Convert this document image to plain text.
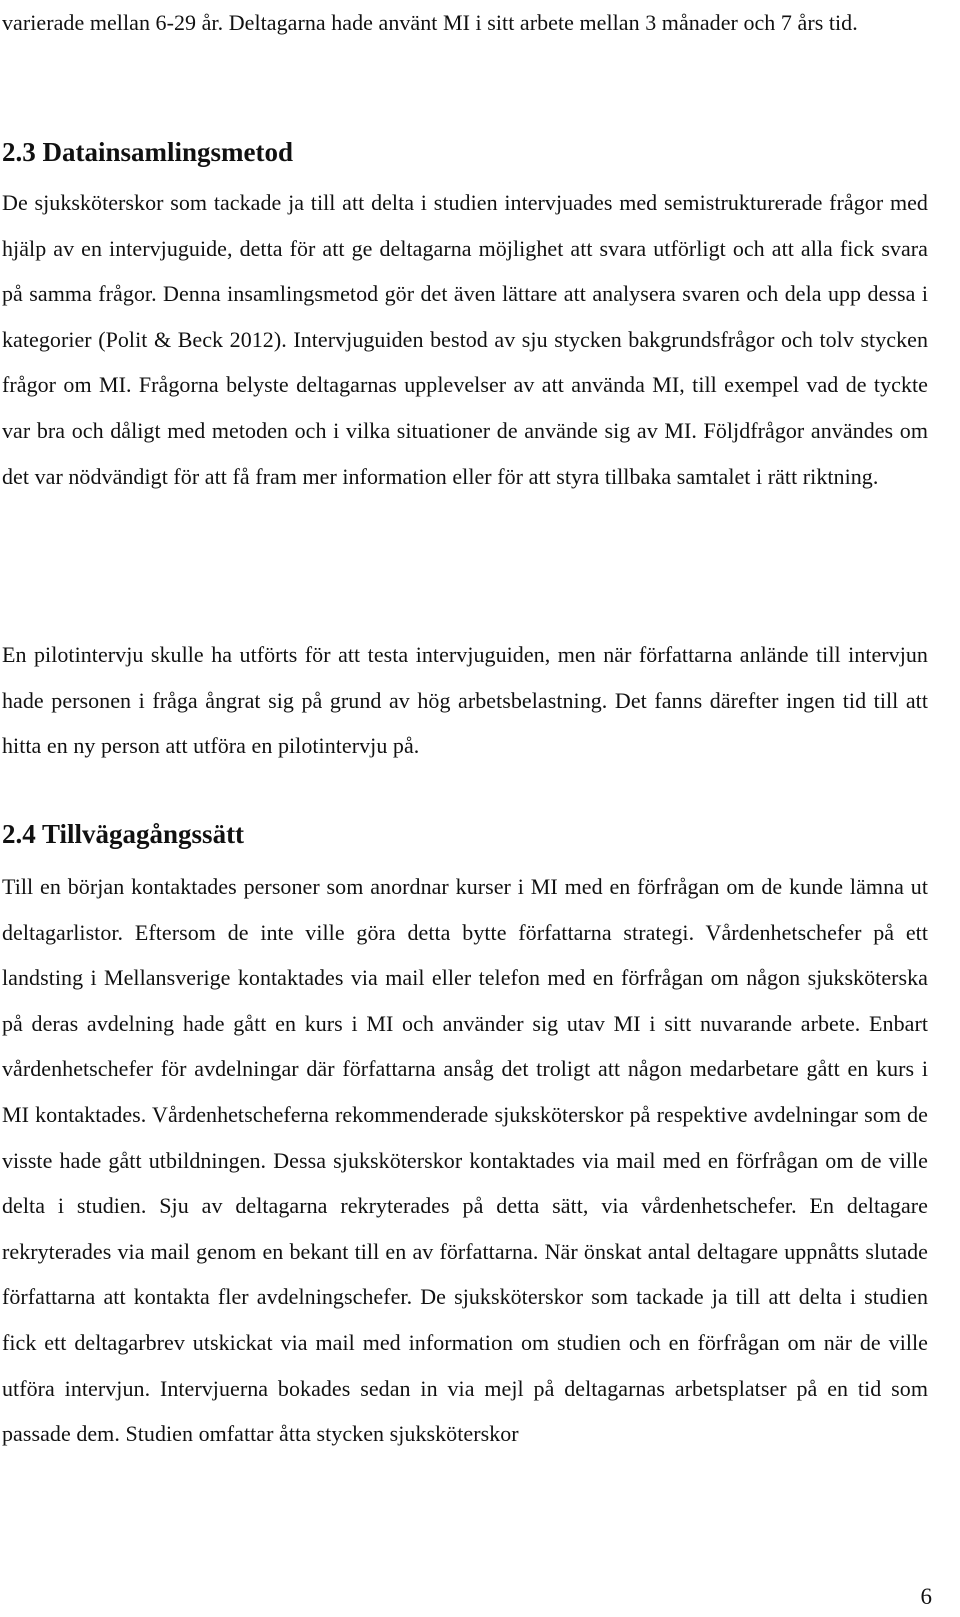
varierade mellan 6-29 år. Deltagarna hade använt MI i sitt arbete mellan 3 månader och 7 års tid.

2.3 Datainsamlingsmetod

De sjuksköterskor som tackade ja till att delta i studien intervjuades med semistrukturerade frågor med hjälp av en intervjuguide, detta för att ge deltagarna möjlighet att svara utförligt och att alla fick svara på samma frågor. Denna insamlingsmetod gör det även lättare att analysera svaren och dela upp dessa i kategorier (Polit & Beck 2012). Intervjuguiden bestod av sju stycken bakgrundsfrågor och tolv stycken frågor om MI. Frågorna belyste deltagarnas upplevelser av att använda MI, till exempel vad de tyckte var bra och dåligt med metoden och i vilka situationer de använde sig av MI. Följdfrågor användes om det var nödvändigt för att få fram mer information eller för att styra tillbaka samtalet i rätt riktning.

En pilotintervju skulle ha utförts för att testa intervjuguiden, men när författarna anlände till intervjun hade personen i fråga ångrat sig på grund av hög arbetsbelastning. Det fanns därefter ingen tid till att hitta en ny person att utföra en pilotintervju på.

2.4 Tillvägagångssätt

Till en början kontaktades personer som anordnar kurser i MI med en förfrågan om de kunde lämna ut deltagarlistor. Eftersom de inte ville göra detta bytte författarna strategi. Vårdenhetschefer på ett landsting i Mellansverige kontaktades via mail eller telefon med en förfrågan om någon sjuksköterska på deras avdelning hade gått en kurs i MI och använder sig utav MI i sitt nuvarande arbete. Enbart vårdenhetschefer för avdelningar där författarna ansåg det troligt att någon medarbetare gått en kurs i MI kontaktades. Vårdenhetscheferna rekommenderade sjuksköterskor på respektive avdelningar som de visste hade gått utbildningen. Dessa sjuksköterskor kontaktades via mail med en förfrågan om de ville delta i studien. Sju av deltagarna rekryterades på detta sätt, via vårdenhetschefer. En deltagare rekryterades via mail genom en bekant till en av författarna. När önskat antal deltagare uppnåtts slutade författarna att kontakta fler avdelningschefer. De sjuksköterskor som tackade ja till att delta i studien fick ett deltagarbrev utskickat via mail med information om studien och en förfrågan om när de ville utföra intervjun. Intervjuerna bokades sedan in via mejl på deltagarnas arbetsplatser på en tid som passade dem. Studien omfattar åtta stycken sjuksköterskor

6
